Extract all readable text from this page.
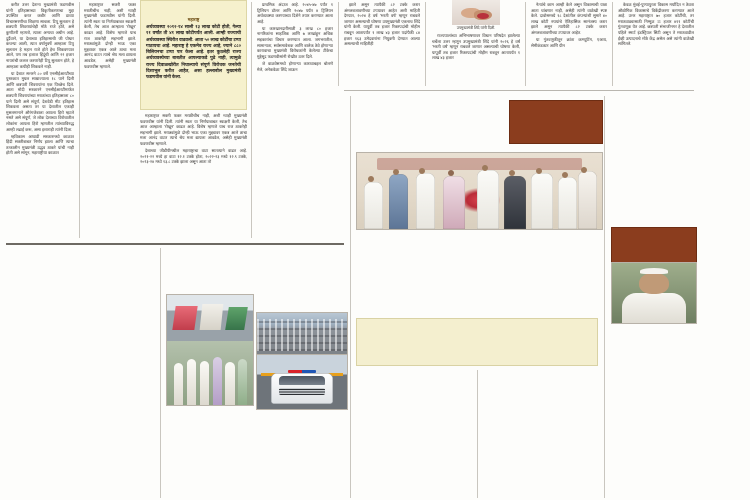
करीत उत्तर देताना मुख्यमंत्री फडणवीस यांनी इतिहासाच्या विकृतीकरणाचा मुद्दा उपस्थित करत कबीर आणि डाव्या विचारसरणीचा शिक्षणा साधला. टिपू सुलतान हे छत्रपती शिवरायांचेही मोठे राजे होते, असे कुणीतरी म्हणतो, त्याला अन्यथा अधीन आहे. दुर्दैवाने, या देशाच्या इतिहासाची जी पोथार कथन्या आली, त्यात वर्षानुवर्षे आम्हाला टिपू सुलतान हे महान राजे होते हेच शिकवण्यात आले, पण तब इजाज हिंदूंची आणि २२ हजार नायरांची कत्तल करणारेही टिपू सुलतान होते, हे आम्हाला कथीही शिकवले नाही.

या देशात सत्तरने ८० वर्षे एनसीईआरटीच्या पुस्तकात मुघल साम्राज्याला १८ पाने दिली आणि छत्रपती शिवरायांना एक पिच्छेच दिले. आता मोदी सरकारने एनसीईआरटीमार्फत छत्रपती शिवरायांच्या मराठांच्या इतिहासाला ८० पाने दिली असे संपूर्ण, देशवेडी मीट इतिहास शिकवला असता तर या देशातील एकाही मुसलमानाने औरंगजेबाला आपला हिरो म्हटले नसते असे संपूर्ण, जे लोक देशाच्या विरोधातील लोकांना आपला हिरो म्हणतील त्यांच्याविरुद्ध आम्ही लढाई करू, असा इशाराही त्यांनी दिला.

म्हविकास आघाडी सरकारमध्ये काळात हिंदी सक्तीबाबत निर्णय झाला आणि त्याचा तत्कालीन मुख्यमंत्री उद्धव ठाकरे यांची नाही होती असे सांगून, महाराष्ट्रीया काळात

महाराष्ट्र
अर्थव्यवस्था २०१२-१४ साली १३ लाख कोटी होती, गेल्या ११ वर्षांत ती ४१ लाख कोटीपर्यंत आली. आम्ही राज्याची अर्थव्यवस्था स्थिरीत वाढवली. आता ५० लाख कोटींचा टप्पा गाठायचा आहे. महाराष्ट्र हे एकमेव राज्य आहे, ज्याने ८८० बिलियनचा टप्पा पार केला आहे. इतर कुठलेही राज्य अर्थव्यवस्थेच्या बाबतीत आपल्याकडे पुढे नाही, त्यामुळे राज्य दिवाळखोरीत निघाल्याचे संपूर्ण विरोधक जनतेची दिशाभूल करीत आहेत, असा हल्लाबोल मुख्यमंत्री फडणवीस यांनी केला.

महाराष्ट्रात सक्ती फक्त मराठीचीच नाही, अशी ग्वाही मुख्यमंत्री फडणवीस यांनी दिली. त्यांनी स्वतः या निर्णयाबाबत स्वाक्षरी केली, तेच आज आम्हाला 'रोखून' काढत आहे. विशेष म्हणजे याच राज ठाकरेही सहभागी झाले. मराठ्यांमुळे दोन्ही भाऊ एका मुद्द्यावर एकत्र आले ठाचा मला आनंद वाटत त्याचे श्रेय मला द्यायला आवडेल, असेही मुख्यमंत्री फडणवीस म्हणाले.

महाराष्ट्रात सक्ती फक्त मराठीचीच नाही, अशी ग्वाही मुख्यमंत्री फडणवीस यांनी दिली. त्यांनी स्वतः या निर्णयाबाबत स्वाक्षरी केली, तेच आज आम्हाला 'रोखून' काढत आहे. विशेष म्हणजे याच राज ठाकरेही सहभागी झाले. मराठ्यांमुळे दोन्ही भाऊ एका मुद्द्यावर एकत्र आले ठाचा मला आनंद वाटत त्याचे श्रेय मला द्यायला आवडेल, असेही मुख्यमंत्री फडणवीस म्हणाले.

देशाच्या जीडीपीमधील महाराष्ट्राचा वाटा सातत्याने वाढत आहे. २०२१-२२ मध्ये हा वाटा १२.१ टक्के होता, २०२२-२३ मध्ये १२.९ टक्के, २०२३-२४ मध्ये १३.८ टक्के झाला असून आता तो

प्राथमिक अंदाज आहे. २०४५-४७ पर्यंत १ ट्रिलियन डॉलर आणि २०४७ पर्यंत ४ ट्रिलियन अर्थव्यवस्था करण्याच्या दिशेने तयार करण्यात आला आहे.

या कारखानदारीसाठी ३ लाख ८० हजार नागरिकांना साहजिक आणि ७ लाखांहून अधिक सहकारांचा विचार करण्यात आला. जगभरातील, सामान्यता, सर्वसमावेशक आणि बालेक ठेवे होणाऱ्या कारावाचा मुख्यमंत्री विरोधकांनी केलेल्या टीकेचा मुद्देसूद फडणवीसांनी रोखीत उतर दिले.

जे वाळवेसमध्ये होणाऱ्या कारावाबद्दल बोलणे मेले, अनेकवेळा शिंदे जाऊन

झाले असून त्यापैकी ८२ टक्के करार अंमलबजावणीच्या टप्प्यावर आहेत अशी माहिती देण्यात, २०२४ हे वर्ष 'भरती वर्ष' म्हणून राबवले जाणार असल्याची घोषणा उपमुख्यमंत्री एकनाथ शिंदे यांनी केली. यापूर्वी तब हजार रिक्तपदांची मोहीम राबवून आतापर्यंत १ लाख ४३ हजार पदांपैकी ८४ हजार १६३ उमेदवारांना नियुक्ती देण्यात आल्या असल्याची माहितीही

उपमुख्यमंत्री शिंदे यांनी दिली.

राज्यपालांच्या अभिभाषणावर विधान परिषदेत झालेल्या चर्चेला उत्तर म्हणून उपमुख्यमंत्री शिंदे यांनी २०२६ हे वर्ष 'भरती वर्ष' म्हणून राबवले जाणार असल्याची घोषणा केली, यापूर्वी तब हजार रिक्तपदांची मोहीम राबवून आतापर्यंत १ लाख ४३ हजार

नेत्यांचे काम आम्ही केले असून विकासाची यात्रा आता थांबणार नाही, असेही त्यांनी वाळेखी स्पष्ट केले. दावोसमध्ये १८ देशांतील कंपन्यांशी सुमारे ४० लाख कोटी रुपयांचे ऐतिहासिक सामंजस्य करार झाले असून त्यापैकी ८२ टक्के करार अंमलबजावणीच्या टप्प्यावर आहेत.

या गुंतवणुकीतून क्रांता कम्प्युटिंग, एआय, सेमीकंडक्टर आणि ग्रीन

केवळ मुंबई-पुण्यापुरता विकास मर्यादित न ठेवता औद्योगिक विकासाचे विकेंद्रीकरण करण्यात आले आहे. उत्तर महाराष्ट्रात ७० हजार कोटींची, तर मराठवाड्यासाठी निम्मूळ 11 हजार ४११ कोटींची गुंतवणूक येत आहे. छत्रपती संभाजीनगर हे देशातील पहिले स्मार्ट इंडस्ट्रियल सिटी असून ते मराठवाडील ईव्ही उत्पादनाचे मोठे केंद्र असेल असे त्यांनी वाळेखी सांगितले.
